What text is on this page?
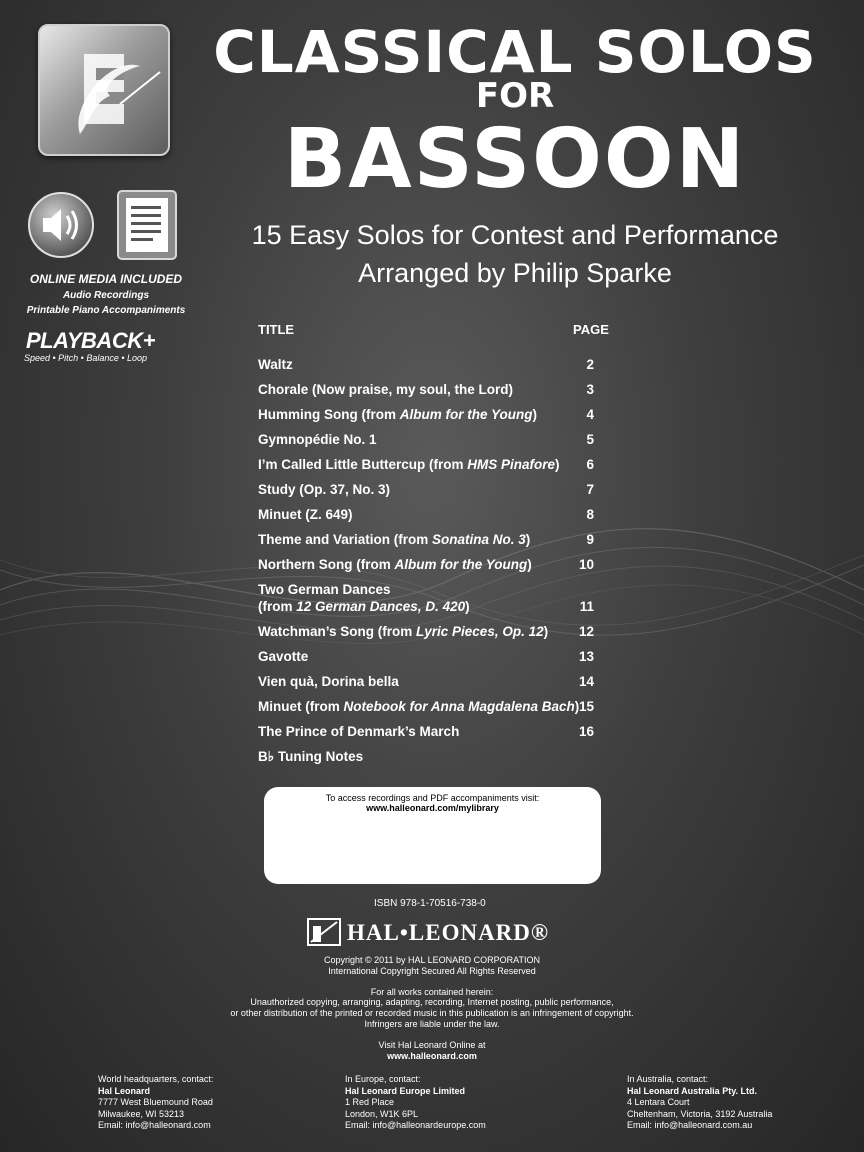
CLASSICAL SOLOS
FOR
BASSOON
15 Easy Solos for Contest and Performance
Arranged by Philip Sparke
ONLINE MEDIA INCLUDED
Audio Recordings
Printable Piano Accompaniments
PLAYBACK+
Speed • Pitch • Balance • Loop
TITLE	PAGE
Waltz	2
Chorale (Now praise, my soul, the Lord)	3
Humming Song (from Album for the Young)	4
Gymnopédie No. 1	5
I’m Called Little Buttercup (from HMS Pinafore) 6
Study (Op. 37, No. 3)	7
Minuet (Z. 649)	8
Theme and Variation (from Sonatina No. 3)	9
Northern Song (from Album for the Young)	10
Two German Dances
(from 12 German Dances, D. 420)	11
Watchman’s Song (from Lyric Pieces, Op. 12) 12
Gavotte	13
Vien quà, Dorina bella	14
Minuet (from Notebook for Anna Magdalena Bach) 15
The Prince of Denmark’s March	16
B♭ Tuning Notes
To access recordings and PDF accompaniments visit:
www.halleonard.com/mylibrary
ISBN 978-1-70516-738-0
HAL•LEONARD®
Copyright © 2011 by HAL LEONARD CORPORATION
International Copyright Secured All Rights Reserved
For all works contained herein:
Unauthorized copying, arranging, adapting, recording, Internet posting, public performance,
or other distribution of the printed or recorded music in this publication is an infringement of copyright.
Infringers are liable under the law.
Visit Hal Leonard Online at
www.halleonard.com
World headquarters, contact:
Hal Leonard
7777 West Bluemound Road
Milwaukee, WI 53213
Email: info@halleonard.com
In Europe, contact:
Hal Leonard Europe Limited
1 Red Place
London, W1K 6PL
Email: info@halleonardeurope.com
In Australia, contact:
Hal Leonard Australia Pty. Ltd.
4 Lentara Court
Cheltenham, Victoria, 3192 Australia
Email: info@halleonard.com.au
